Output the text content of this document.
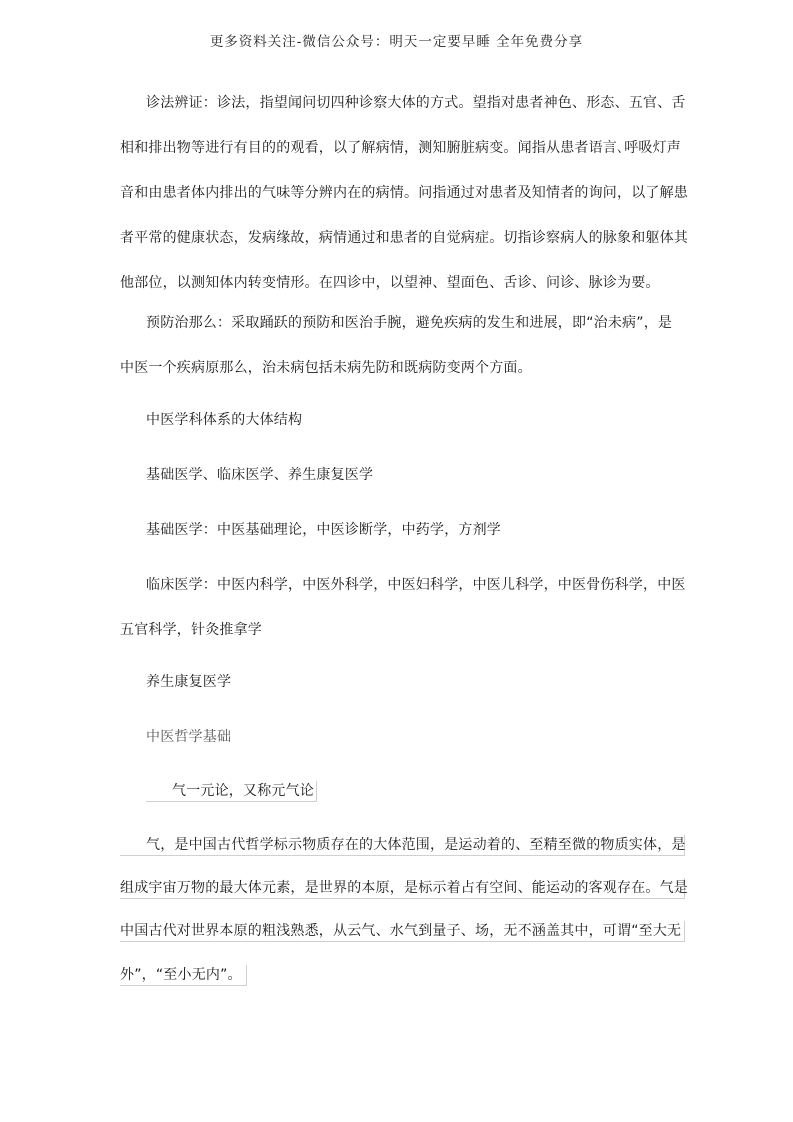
更多资料关注-微信公众号：明天一定要早睡 全年免费分享
诊法辨证：诊法，指望闻问切四种诊察大体的方式。望指对患者神色、形态、五官、舌
相和排出物等进行有目的的观看，以了解病情，测知腑脏病变。闻指从患者语言､呼吸灯声
音和由患者体内排出的气味等分辨内在的病情。问指通过对患者及知情者的询问，以了解患
者平常的健康状态，发病缘故，病情通过和患者的自觉病症。切指诊察病人的脉象和躯体其
他部位，以测知体内转变情形。在四诊中，以望神、望面色、舌诊、问诊、脉诊为要。
预防治那么：采取踊跃的预防和医治手腕，避免疾病的发生和进展，即“治未病”，是
中医一个疾病原那么，治未病包括未病先防和既病防变两个方面。
中医学科体系的大体结构
基础医学、临床医学、养生康复医学
基础医学：中医基础理论，中医诊断学，中药学，方剂学
临床医学：中医内科学，中医外科学，中医妇科学，中医儿科学，中医骨伤科学，中医
五官科学，针灸推拿学
养生康复医学
中医哲学基础
气一元论，又称元气论
气，是中国古代哲学标示物质存在的大体范围，是运动着的、至精至微的物质实体，是
组成宇宙万物的最大体元素，是世界的本原，是标示着占有空间、能运动的客观存在。气是
中国古代对世界本原的粗浅熟悉，从云气、水气到量子、场，无不涵盖其中，可谓“至大无
外”，“至小无内”。
